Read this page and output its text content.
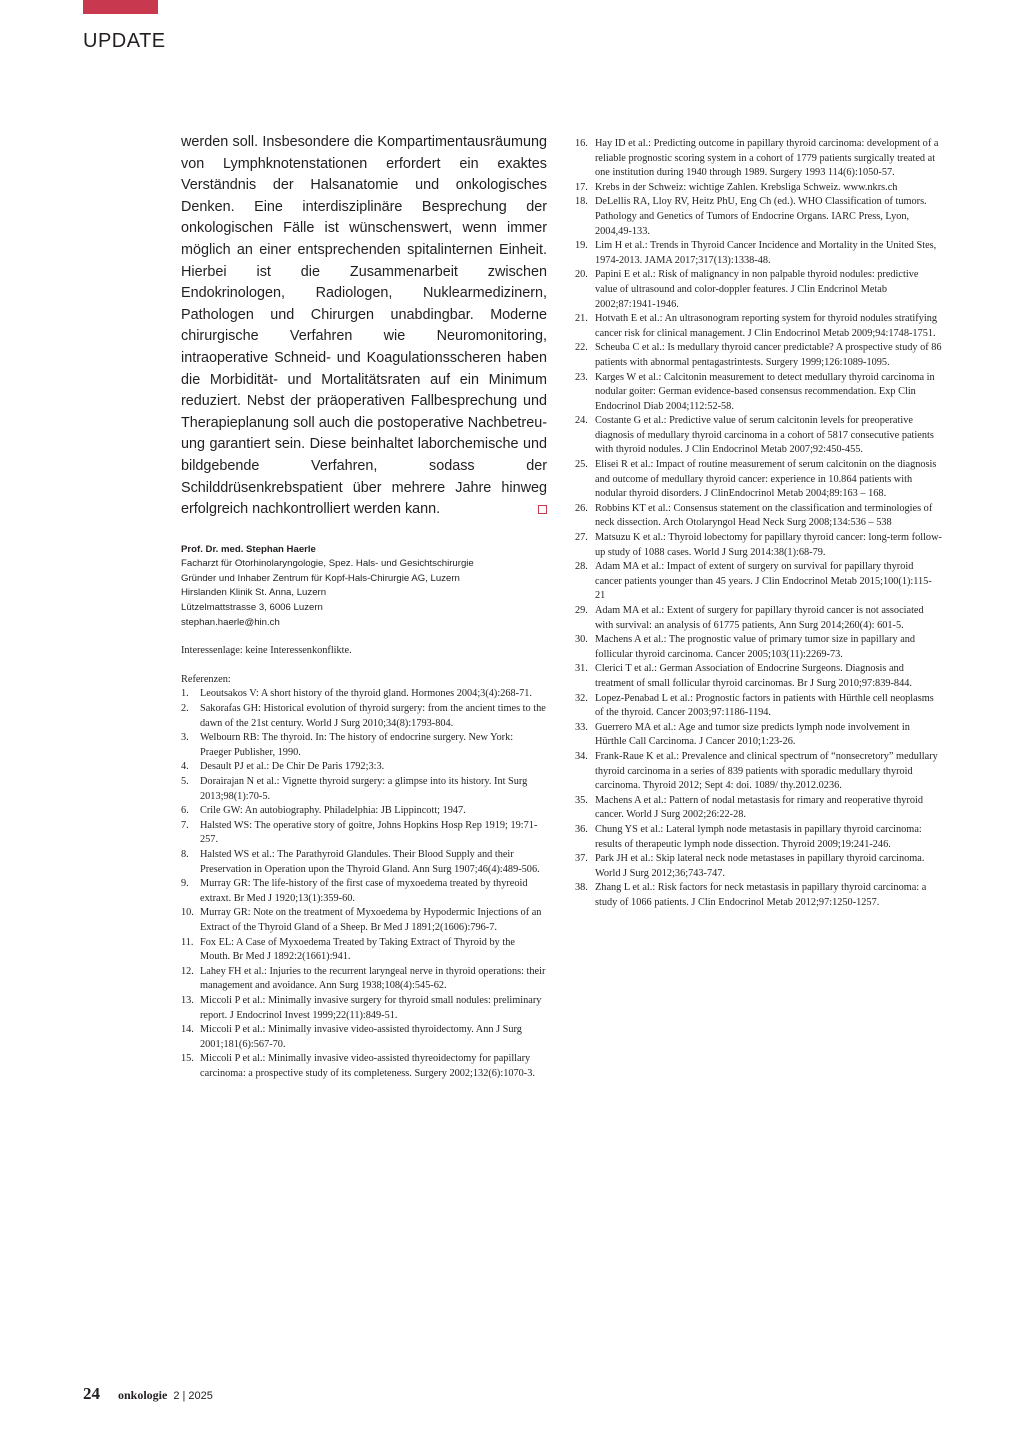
UPDATE

werden soll. Insbesondere die Kompartimentausräumung von Lymphknotenstationen erfordert ein exaktes Verständnis der Halsanatomie und onkologisches Denken. Eine interdisziplinäre Besprechung der onkologischen Fälle ist wünschenswert, wenn immer möglich an einer entsprechenden spitalinternen Einheit. Hierbei ist die Zusammenarbeit zwischen Endokrinologen, Radiologen, Nuklearmedizinern, Pathologen und Chirurgen unabdingbar. Moderne chirurgische Verfahren wie Neuromonitoring, intraoperative Schneid- und Koagulationsscheren haben die Morbidität- und Mortalitätsraten auf ein Minimum reduziert. Nebst der präoperativen Fallbesprechung und Therapieplanung soll auch die postoperative Nachbetreuung garantiert sein. Diese beinhaltet laborchemische und bildgebende Verfahren, sodass der Schilddrüsenkrebspatient über mehrere Jahre hinweg erfolgreich nachkontrolliert werden kann.

Prof. Dr. med. Stephan Haerle
Facharzt für Otorhinolaryngologie, Spez. Hals- und Gesichtschirurgie
Gründer und Inhaber Zentrum für Kopf-Hals-Chirurgie AG, Luzern
Hirslanden Klinik St. Anna, Luzern
Lützelmattstrasse 3, 6006 Luzern
stephan.haerle@hin.ch
Interessenlage: keine Interessenkonflikte.
Referenzen:
1.	Leoutsakos V: A short history of the thyroid gland. Hormones 2004;3(4):268-71.
2.	Sakorafas GH: Historical evolution of thyroid surgery: from the ancient times to the dawn of the 21st century. World J Surg 2010;34(8):1793-804.
3.	Welbourn RB: The thyroid. In: The history of endocrine surgery. New York: Praeger Publisher, 1990.
4.	Desault PJ et al.: De Chir De Paris 1792;3:3.
5.	Dorairajan N et al.: Vignette thyroid surgery: a glimpse into its history. Int Surg 2013;98(1):70-5.
6.	Crile GW: An autobiography. Philadelphia: JB Lippincott; 1947.
7.	Halsted WS: The operative story of goitre, Johns Hopkins Hosp Rep 1919; 19:71-257.
8.	Halsted WS et al.: The Parathyroid Glandules. Their Blood Supply and their Preservation in Operation upon the Thyroid Gland. Ann Surg 1907;46(4):489-506.
9.	Murray GR: The life-history of the first case of myxoedema treated by thyreoid extraxt. Br Med J 1920;13(1):359-60.
10. Murray GR: Note on the treatment of Myxoedema by Hypodermic Injections of an Extract of the Thyroid Gland of a Sheep. Br Med J 1891;2(1606):796-7.
11. Fox EL: A Case of Myxoedema Treated by Taking Extract of Thyroid by the Mouth. Br Med J 1892:2(1661):941.
12. Lahey FH et al.: Injuries to the recurrent laryngeal nerve in thyroid operations: their management and avoidance. Ann Surg 1938;108(4):545-62.
13. Miccoli P et al.: Minimally invasive surgery for thyroid small nodules: preliminary report. J Endocrinol Invest 1999;22(11):849-51.
14. Miccoli P et al.: Minimally invasive video-assisted thyroidectomy. Ann J Surg 2001;181(6):567-70.
15. Miccoli P et al.: Minimally invasive video-assisted thyreoidectomy for papillary carcinoma: a prospective study of its completeness. Surgery 2002;132(6):1070-3.
16. Hay ID et al.: Predicting outcome in papillary thyroid carcinoma: development of a reliable prognostic scoring system in a cohort of 1779 patients surgically treated at one institution during 1940 through 1989. Surgery 1993 114(6):1050-57.
17. Krebs in der Schweiz: wichtige Zahlen. Krebsliga Schweiz. www.nkrs.ch
18. DeLellis RA, Lloy RV, Heitz PhU, Eng Ch (ed.). WHO Classification of tumors. Pathology and Genetics of Tumors of Endocrine Organs. IARC Press, Lyon, 2004,49-133.
19. Lim H et al.: Trends in Thyroid Cancer Incidence and Mortality in the United Stes, 1974-2013. JAMA 2017;317(13):1338-48.
20. Papini E et al.: Risk of malignancy in non palpable thyroid nodules: predictive value of ultrasound and color-doppler features. J Clin Endcrinol Metab 2002;87:1941-1946.
21. Hotvath E et al.: An ultrasonogram reporting system for thyroid nodules stratifying cancer risk for clinical management. J Clin Endocrinol Metab 2009;94:1748-1751.
22. Scheuba C et al.: Is medullary thyroid cancer predictable? A prospective study of 86 patients with abnormal pentagastrintests. Surgery 1999;126:1089-1095.
23. Karges W et al.: Calcitonin measurement to detect medullary thyroid carcinoma in nodular goiter: German evidence-based consensus recommendation. Exp Clin Endocrinol Diab 2004;112:52-58.
24. Costante G et al.: Predictive value of serum calcitonin levels for preoperative diagnosis of medullary thyroid carcinoma in a cohort of 5817 consecutive patients with thyroid nodules. J Clin Endocrinol Metab 2007;92:450-455.
25. Elisei R et al.: Impact of routine measurement of serum calcitonin on the diagnosis and outcome of medullary thyroid cancer: experience in 10.864 patients with nodular thyroid disorders. J ClinEndocrinol Metab 2004;89:163 – 168.
26. Robbins KT et al.: Consensus statement on the classification and terminologies of neck dissection. Arch Otolaryngol Head Neck Surg 2008;134:536 – 538
27. Matsuzu K et al.: Thyroid lobectomy for papillary thyroid cancer: long-term follow-up study of 1088 cases. World J Surg 2014:38(1):68-79.
28. Adam MA et al.: Impact of extent of surgery on survival for papillary thyroid cancer patients younger than 45 years. J Clin Endocrinol Metab 2015;100(1):115-21
29. Adam MA et al.: Extent of surgery for papillary thyroid cancer is not associated with survival: an analysis of 61775 patients, Ann Surg 2014;260(4): 601-5.
30. Machens A et al.: The prognostic value of primary tumor size in papillary and follicular thyroid carcinoma. Cancer 2005;103(11):2269-73.
31. Clerici T et al.: German Association of Endocrine Surgeons. Diagnosis and treatment of small follicular thyroid carcinomas. Br J Surg 2010;97:839-844.
32. Lopez-Penabad L et al.: Prognostic factors in patients with Hürthle cell neoplasms of the thyroid. Cancer 2003;97:1186-1194.
33. Guerrero MA et al.: Age and tumor size predicts lymph node involvement in Hürthle Call Carcinoma. J Cancer 2010;1:23-26.
34. Frank-Raue K et al.: Prevalence and clinical spectrum of “nonsecretory” medullary thyroid carcinoma in a series of 839 patients with sporadic medullary thyroid carcinoma. Thyroid 2012; Sept 4: doi. 1089/ thy.2012.0236.
35. Machens A et al.: Pattern of nodal metastasis for rimary and reoperative thyroid cancer. World J Surg 2002;26:22-28.
36. Chung YS et al.: Lateral lymph node metastasis in papillary thyroid carcinoma: results of therapeutic lymph node dissection. Thyroid 2009;19:241-246.
37. Park JH et al.: Skip lateral neck node metastases in papillary thyroid carcinoma. World J Surg 2012;36;743-747.
38. Zhang L et al.: Risk factors for neck metastasis in papillary thyroid carcinoma: a study of 1066 patients. J Clin Endocrinol Metab 2012;97:1250-1257.
24 onkologie 2 | 2025
